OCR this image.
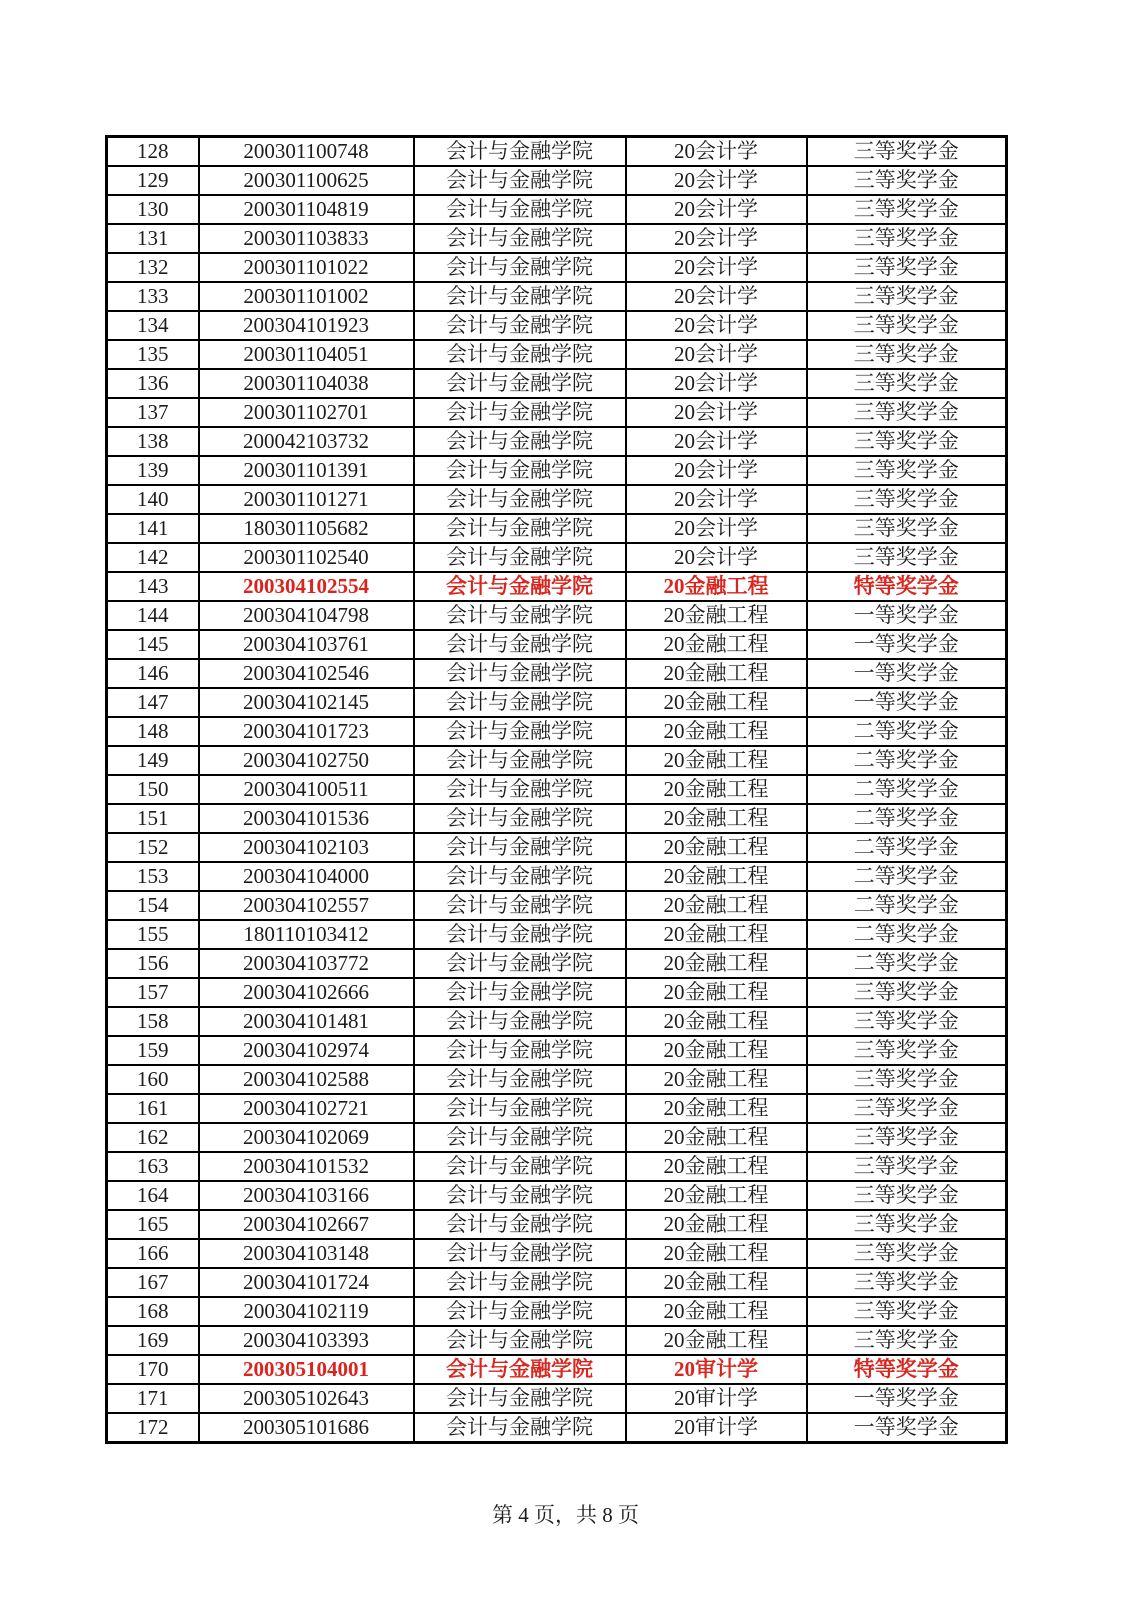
128	200301100748	会计与金融学院	20会计学	三等奖学金
129	200301100625	会计与金融学院	20会计学	三等奖学金
130	200301104819	会计与金融学院	20会计学	三等奖学金
131	200301103833	会计与金融学院	20会计学	三等奖学金
132	200301101022	会计与金融学院	20会计学	三等奖学金
133	200301101002	会计与金融学院	20会计学	三等奖学金
134	200304101923	会计与金融学院	20会计学	三等奖学金
135	200301104051	会计与金融学院	20会计学	三等奖学金
136	200301104038	会计与金融学院	20会计学	三等奖学金
137	200301102701	会计与金融学院	20会计学	三等奖学金
138	200042103732	会计与金融学院	20会计学	三等奖学金
139	200301101391	会计与金融学院	20会计学	三等奖学金
140	200301101271	会计与金融学院	20会计学	三等奖学金
141	180301105682	会计与金融学院	20会计学	三等奖学金
142	200301102540	会计与金融学院	20会计学	三等奖学金
143	200304102554	会计与金融学院	20金融工程	特等奖学金
144	200304104798	会计与金融学院	20金融工程	一等奖学金
145	200304103761	会计与金融学院	20金融工程	一等奖学金
146	200304102546	会计与金融学院	20金融工程	一等奖学金
147	200304102145	会计与金融学院	20金融工程	一等奖学金
148	200304101723	会计与金融学院	20金融工程	二等奖学金
149	200304102750	会计与金融学院	20金融工程	二等奖学金
150	200304100511	会计与金融学院	20金融工程	二等奖学金
151	200304101536	会计与金融学院	20金融工程	二等奖学金
152	200304102103	会计与金融学院	20金融工程	二等奖学金
153	200304104000	会计与金融学院	20金融工程	二等奖学金
154	200304102557	会计与金融学院	20金融工程	二等奖学金
155	180110103412	会计与金融学院	20金融工程	二等奖学金
156	200304103772	会计与金融学院	20金融工程	二等奖学金
157	200304102666	会计与金融学院	20金融工程	三等奖学金
158	200304101481	会计与金融学院	20金融工程	三等奖学金
159	200304102974	会计与金融学院	20金融工程	三等奖学金
160	200304102588	会计与金融学院	20金融工程	三等奖学金
161	200304102721	会计与金融学院	20金融工程	三等奖学金
162	200304102069	会计与金融学院	20金融工程	三等奖学金
163	200304101532	会计与金融学院	20金融工程	三等奖学金
164	200304103166	会计与金融学院	20金融工程	三等奖学金
165	200304102667	会计与金融学院	20金融工程	三等奖学金
166	200304103148	会计与金融学院	20金融工程	三等奖学金
167	200304101724	会计与金融学院	20金融工程	三等奖学金
168	200304102119	会计与金融学院	20金融工程	三等奖学金
169	200304103393	会计与金融学院	20金融工程	三等奖学金
170	200305104001	会计与金融学院	20审计学	特等奖学金
171	200305102643	会计与金融学院	20审计学	一等奖学金
172	200305101686	会计与金融学院	20审计学	一等奖学金
第 4 页，共 8 页
